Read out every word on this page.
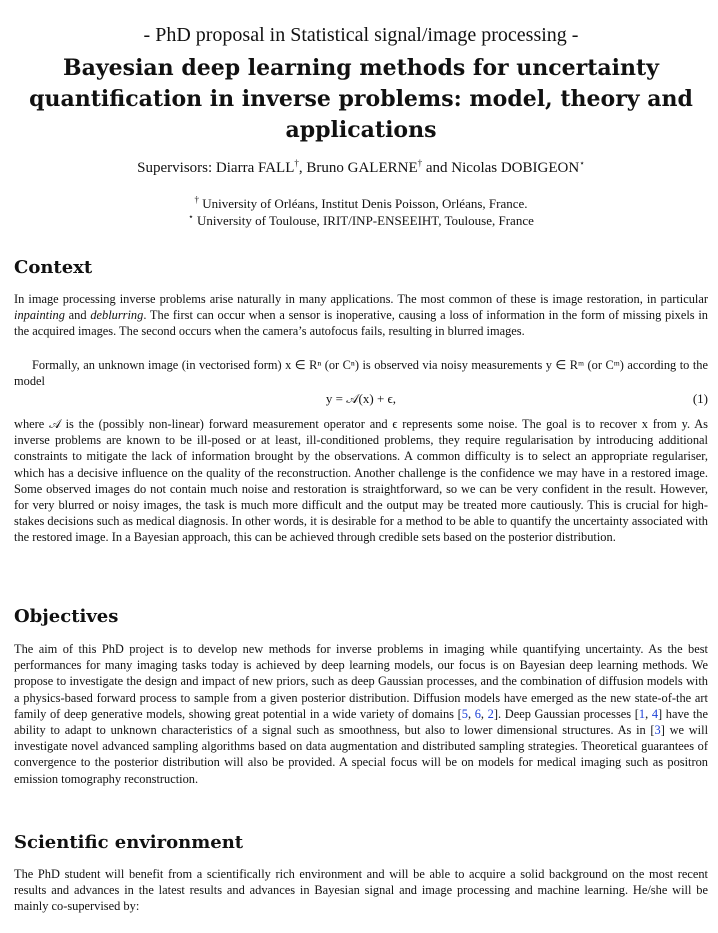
- PhD proposal in Statistical signal/image processing -
Bayesian deep learning methods for uncertainty quantification in inverse problems: model, theory and applications
Supervisors: Diarra FALL†, Bruno GALERNE† and Nicolas DOBIGEON⋆
† University of Orléans, Institut Denis Poisson, Orléans, France.
⋆ University of Toulouse, IRIT/INP-ENSEEIHT, Toulouse, France
Context
In image processing inverse problems arise naturally in many applications. The most common of these is image restoration, in particular inpainting and deblurring. The first can occur when a sensor is inoperative, causing a loss of information in the form of missing pixels in the acquired images. The second occurs when the camera’s autofocus fails, resulting in blurred images.
Formally, an unknown image (in vectorised form) x ∈ Rⁿ (or Cⁿ) is observed via noisy measurements y ∈ Rᵐ (or Cᵐ) according to the model
y = 𝒜(x) + ϵ,	(1)
where 𝒜 is the (possibly non-linear) forward measurement operator and ϵ represents some noise. The goal is to recover x from y. As inverse problems are known to be ill-posed or at least, ill-conditioned problems, they require regularisation by introducing additional constraints to mitigate the lack of information brought by the observations. A common difficulty is to select an appropriate regulariser, which has a decisive influence on the quality of the reconstruction. Another challenge is the confidence we may have in a restored image. Some observed images do not contain much noise and restoration is straightforward, so we can be very confident in the result. However, for very blurred or noisy images, the task is much more difficult and the output may be treated more cautiously. This is crucial for high-stakes decisions such as medical diagnosis. In other words, it is desirable for a method to be able to quantify the uncertainty associated with the restored image. In a Bayesian approach, this can be achieved through credible sets based on the posterior distribution.
Objectives
The aim of this PhD project is to develop new methods for inverse problems in imaging while quantifying uncertainty. As the best performances for many imaging tasks today is achieved by deep learning models, our focus is on Bayesian deep learning methods. We propose to investigate the design and impact of new priors, such as deep Gaussian processes, and the combination of diffusion models with a physics-based forward process to sample from a given posterior distribution. Diffusion models have emerged as the new state-of-the art family of deep generative models, showing great potential in a wide variety of domains [5, 6, 2]. Deep Gaussian processes [1, 4] have the ability to adapt to unknown characteristics of a signal such as smoothness, but also to lower dimensional structures. As in [3] we will investigate novel advanced sampling algorithms based on data augmentation and distributed sampling strategies. Theoretical guarantees of convergence to the posterior distribution will also be provided. A special focus will be on models for medical imaging such as positron emission tomography reconstruction.
Scientific environment
The PhD student will benefit from a scientifically rich environment and will be able to acquire a solid background on the most recent results and advances in the latest results and advances in Bayesian signal and image processing and machine learning. He/she will be mainly co-supervised by:
